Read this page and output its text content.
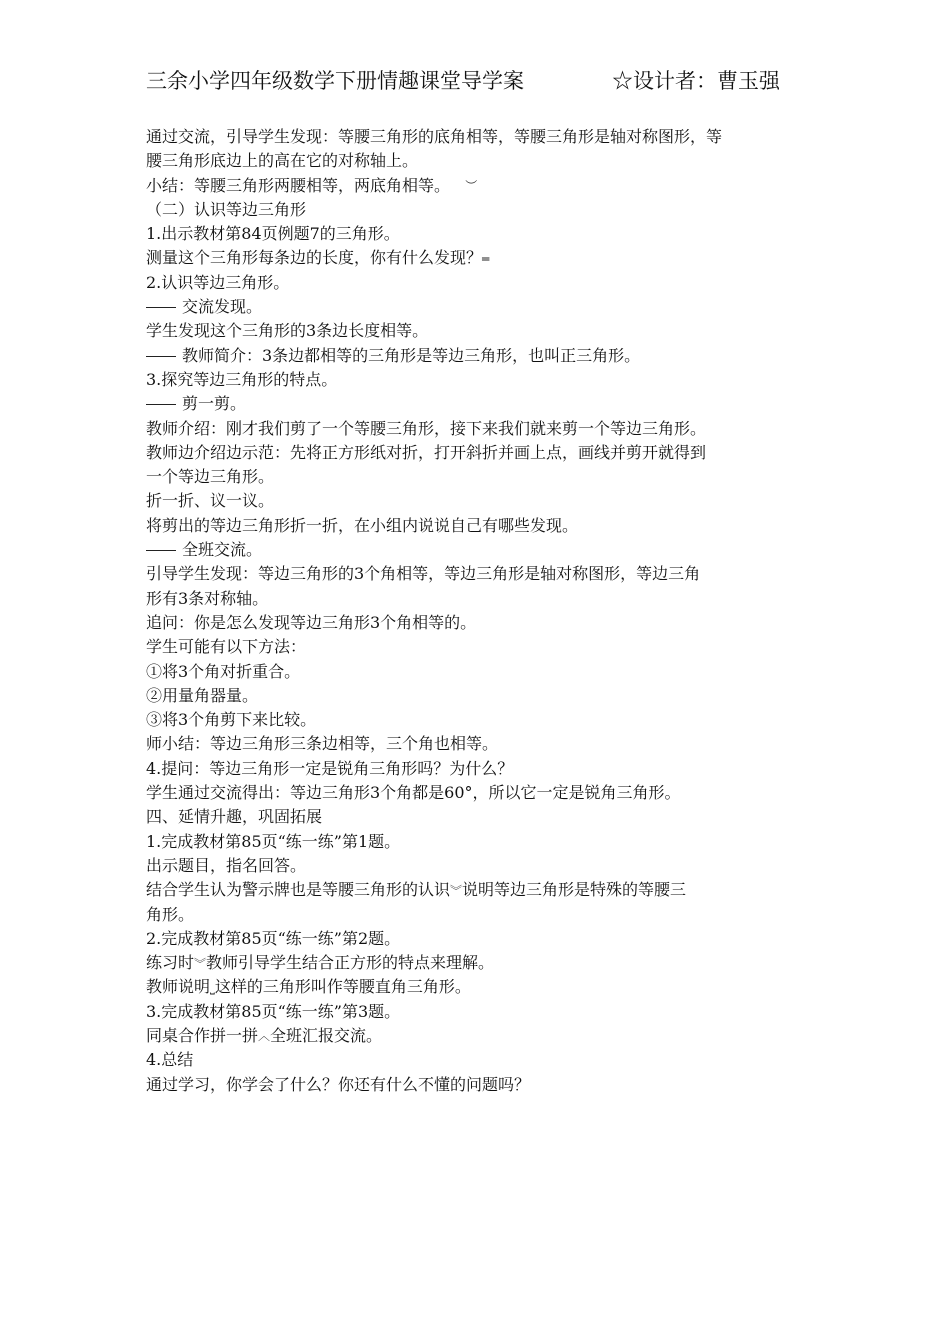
三余小学四年级数学下册情趣课堂导学案	☆设计者：曹玉强

通过交流，引导学生发现：等腰三角形的底角相等，等腰三角形是轴对称图形，等

腰三角形底边上的高在它的对称轴上。

小结：等腰三角形两腰相等，两底角相等。 ︶

（二）认识等边三角形

1.出示教材第84页例题7的三角形。

测量这个三角形每条边的长度，你有什么发现？═

2.认识等边三角形。

交流发现。

学生发现这个三角形的3条边长度相等。

教师简介：3条边都相等的三角形是等边三角形，也叫正三角形。

3.探究等边三角形的特点。

剪一剪。

教师介绍：刚才我们剪了一个等腰三角形，接下来我们就来剪一个等边三角形。

教师边介绍边示范：先将正方形纸对折，打开斜折并画上点，画线并剪开就得到

一个等边三角形。

折一折、议一议。

将剪出的等边三角形折一折，在小组内说说自己有哪些发现。

全班交流。

引导学生发现：等边三角形的3个角相等，等边三角形是轴对称图形，等边三角

形有3条对称轴。

追问：你是怎么发现等边三角形3个角相等的。

学生可能有以下方法：

①将3个角对折重合。

②用量角器量。

③将3个角剪下来比较。

师小结：等边三角形三条边相等，三个角也相等。

4.提问：等边三角形一定是锐角三角形吗？为什么？

学生通过交流得出：等边三角形3个角都是60°，所以它一定是锐角三角形。

四、延情升趣，巩固拓展

1.完成教材第85页“练一练”第1题。

出示题目，指名回答。

结合学生认为警示牌也是等腰三角形的认识︾说明等边三角形是特殊的等腰三

角形。

2.完成教材第85页“练一练”第2题。

练习时︾教师引导学生结合正方形的特点来理解。

教师说明⎵这样的三角形叫作等腰直角三角形。

3.完成教材第85页“练一练”第3题。

同桌合作拼一拼︿全班汇报交流。

4.总结

通过学习，你学会了什么？你还有什么不懂的问题吗？
